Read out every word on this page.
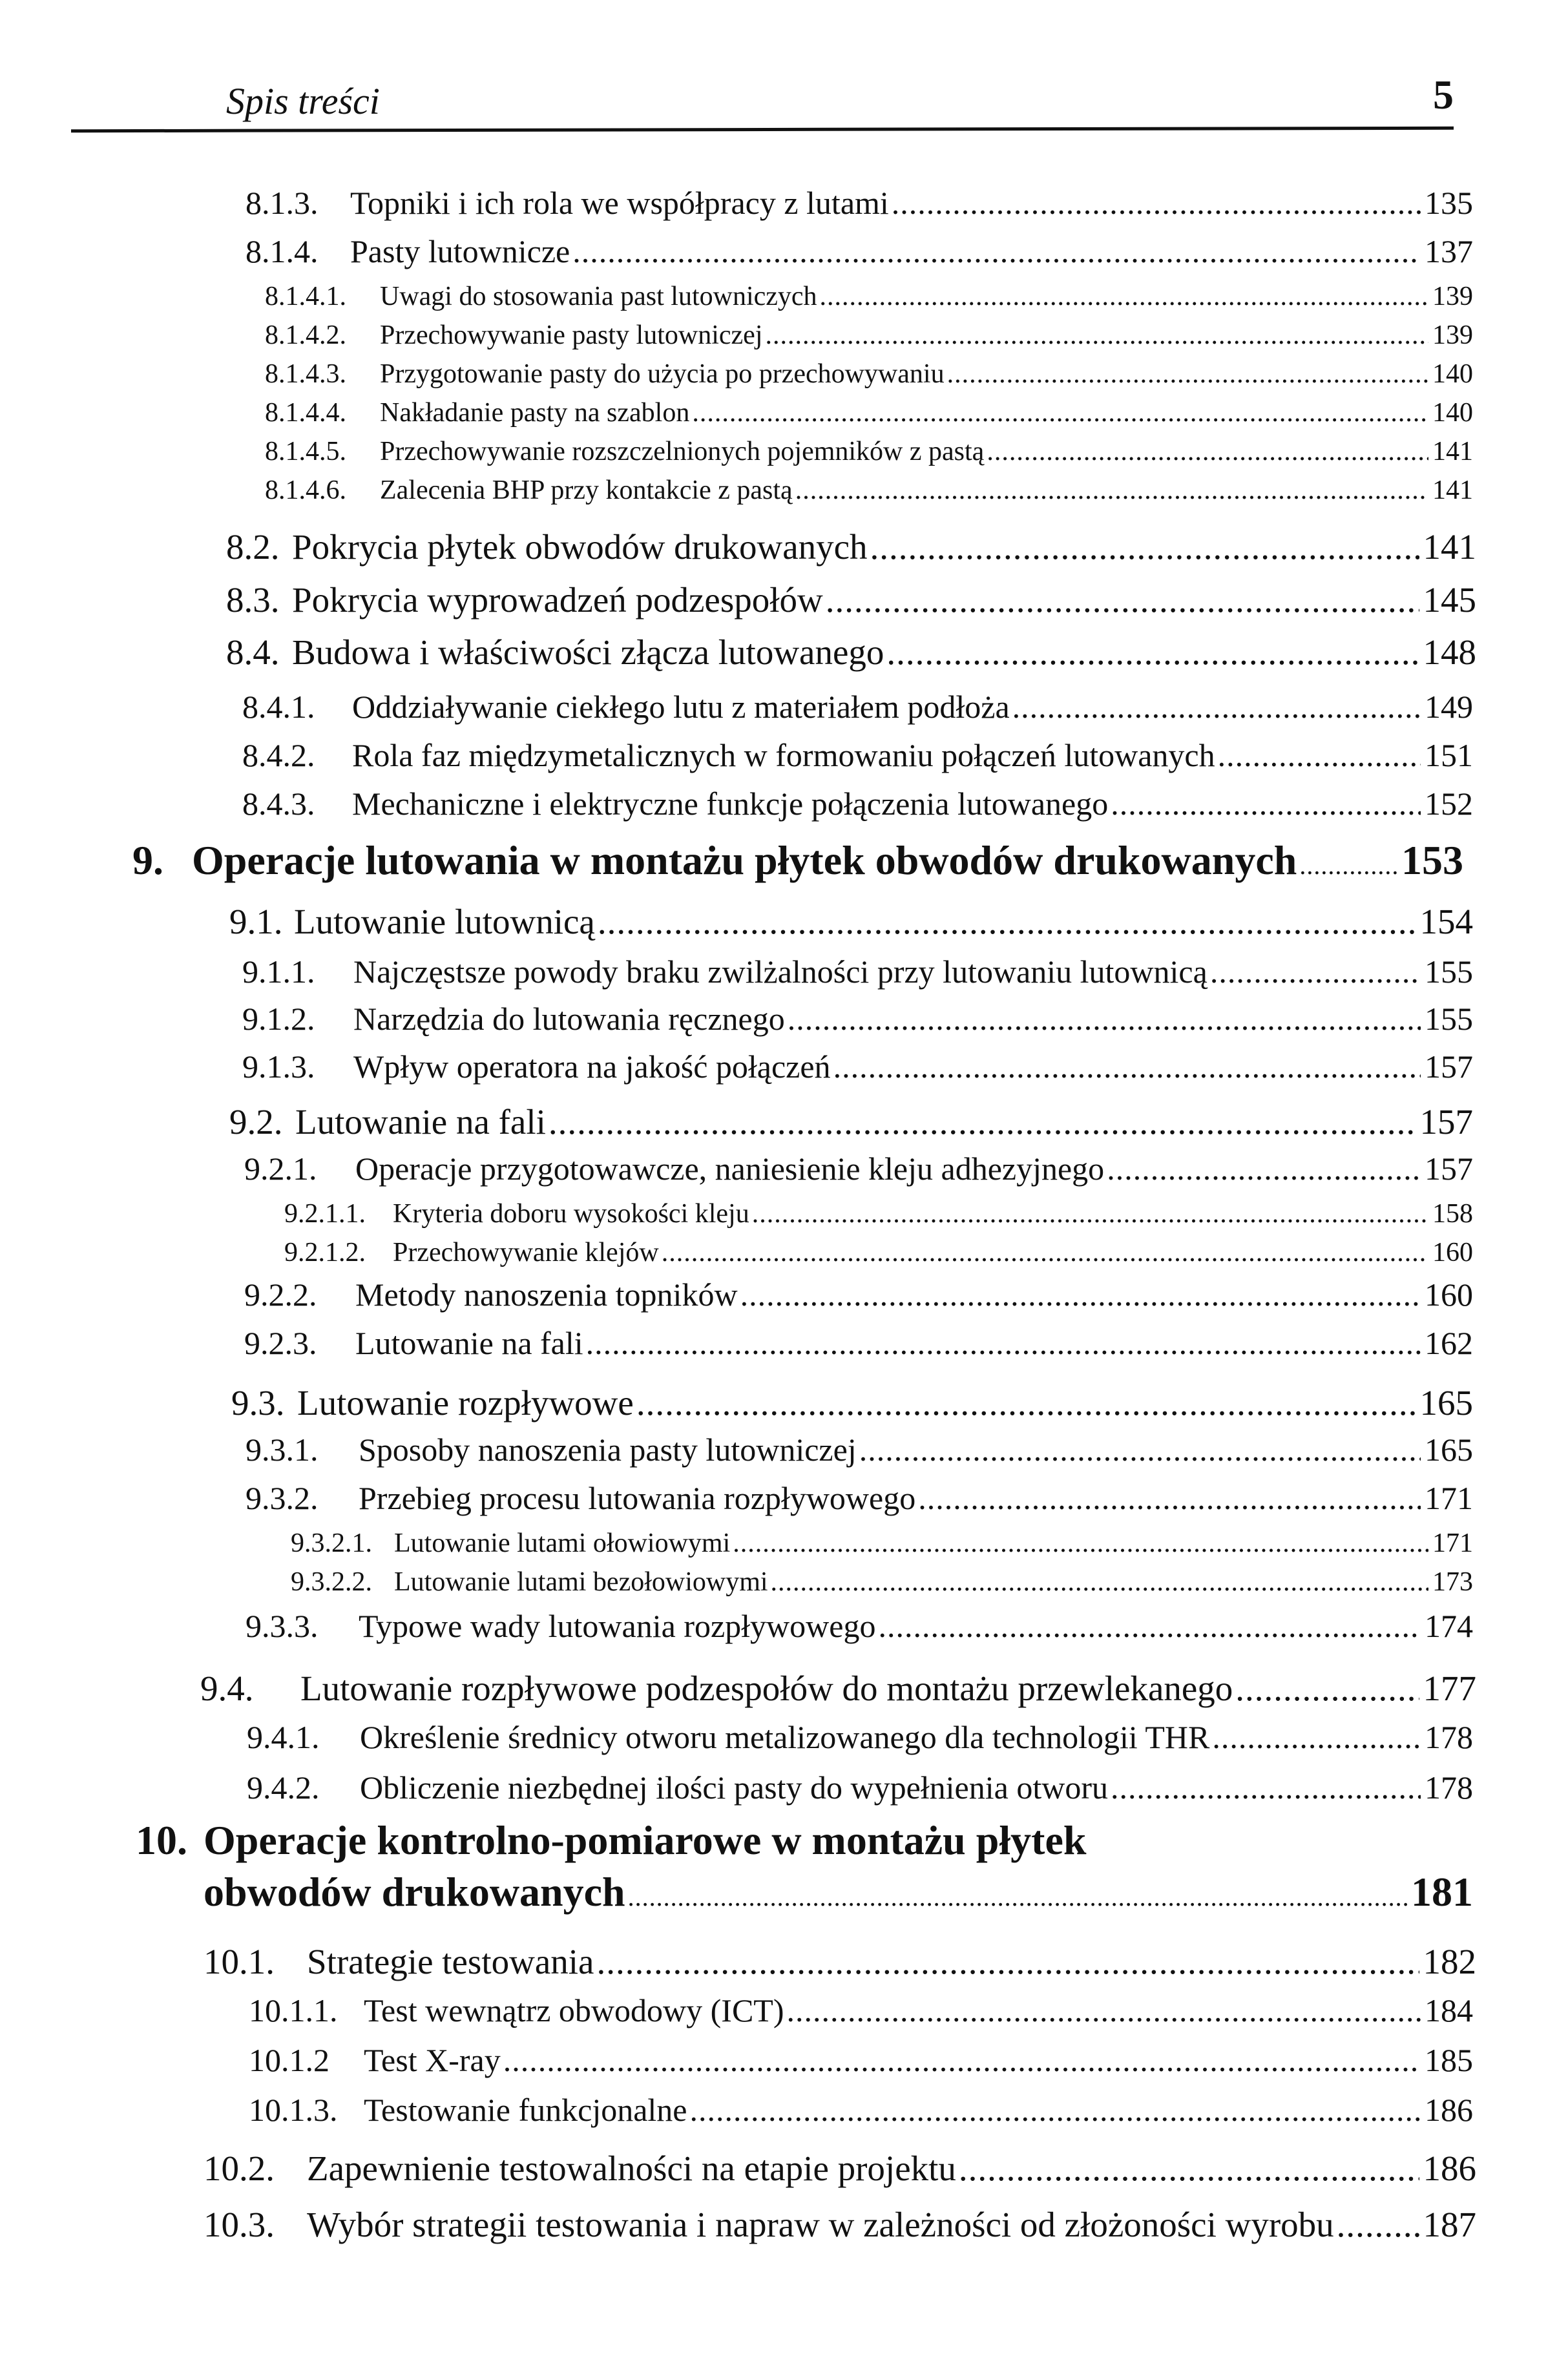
Spis treści	5
8.1.3. Topniki i ich rola we współpracy z lutami .....	135
8.1.4. Pasty lutownicze .....	137
8.1.4.1.	Uwagi do stosowania past lutowniczych .....	139
8.1.4.2.	Przechowywanie pasty lutowniczej .....	139
8.1.4.3.	Przygotowanie pasty do użycia po przechowywaniu .....	140
8.1.4.4.	Nakładanie pasty na szablon .....	140
8.1.4.5.	Przechowywanie rozszczelnionych pojemników z pastą .....	141
8.1.4.6.	Zalecenia BHP przy kontakcie z pastą .....	141
8.2. Pokrycia płytek obwodów drukowanych .....	141
8.3. Pokrycia wyprowadzeń podzespołów .....	145
8.4. Budowa i właściwości złącza lutowanego .....	148
8.4.1.	Oddziaływanie ciekłego lutu z materiałem podłoża .....	149
8.4.2.	Rola faz międzymetalicznych w formowaniu połączeń lutowanych .....	151
8.4.3.	Mechaniczne i elektryczne funkcje połączenia lutowanego .....	152
9. Operacje lutowania w montażu płytek obwodów drukowanych .....	153
9.1. Lutowanie lutownicą .....	154
9.1.1.	Najczęstsze powody braku zwilżalności przy lutowaniu lutownicą .....	155
9.1.2.	Narzędzia do lutowania ręcznego .....	155
9.1.3.	Wpływ operatora na jakość połączeń .....	157
9.2. Lutowanie na fali .....	157
9.2.1.	Operacje przygotowawcze, naniesienie kleju adhezyjnego .....	157
9.2.1.1.	Kryteria doboru wysokości kleju .....	158
9.2.1.2.	Przechowywanie klejów .....	160
9.2.2.	Metody nanoszenia topników .....	160
9.2.3.	Lutowanie na fali .....	162
9.3. Lutowanie rozpływowe .....	165
9.3.1.	Sposoby nanoszenia pasty lutowniczej .....	165
9.3.2.	Przebieg procesu lutowania rozpływowego .....	171
9.3.2.1. Lutowanie lutami ołowiowymi .....	171
9.3.2.2. Lutowanie lutami bezołowiowymi .....	173
9.3.3.	Typowe wady lutowania rozpływowego .....	174
9.4.	Lutowanie rozpływowe podzespołów do montażu przewlekanego .....	177
9.4.1.	Określenie średnicy otworu metalizowanego dla technologii THR .....	178
9.4.2.	Obliczenie niezbędnej ilości pasty do wypełnienia otworu .....	178
10. Operacje kontrolno-pomiarowe w montażu płytek
obwodów drukowanych .....	181
10.1. Strategie testowania .....	182
10.1.1. Test wewnątrz obwodowy (ICT) .....	184
10.1.2	Test X-ray .....	185
10.1.3. Testowanie funkcjonalne .....	186
10.2. Zapewnienie testowalności na etapie projektu .....	186
10.3. Wybór strategii testowania i napraw w zależności od złożoności wyrobu .....	187
